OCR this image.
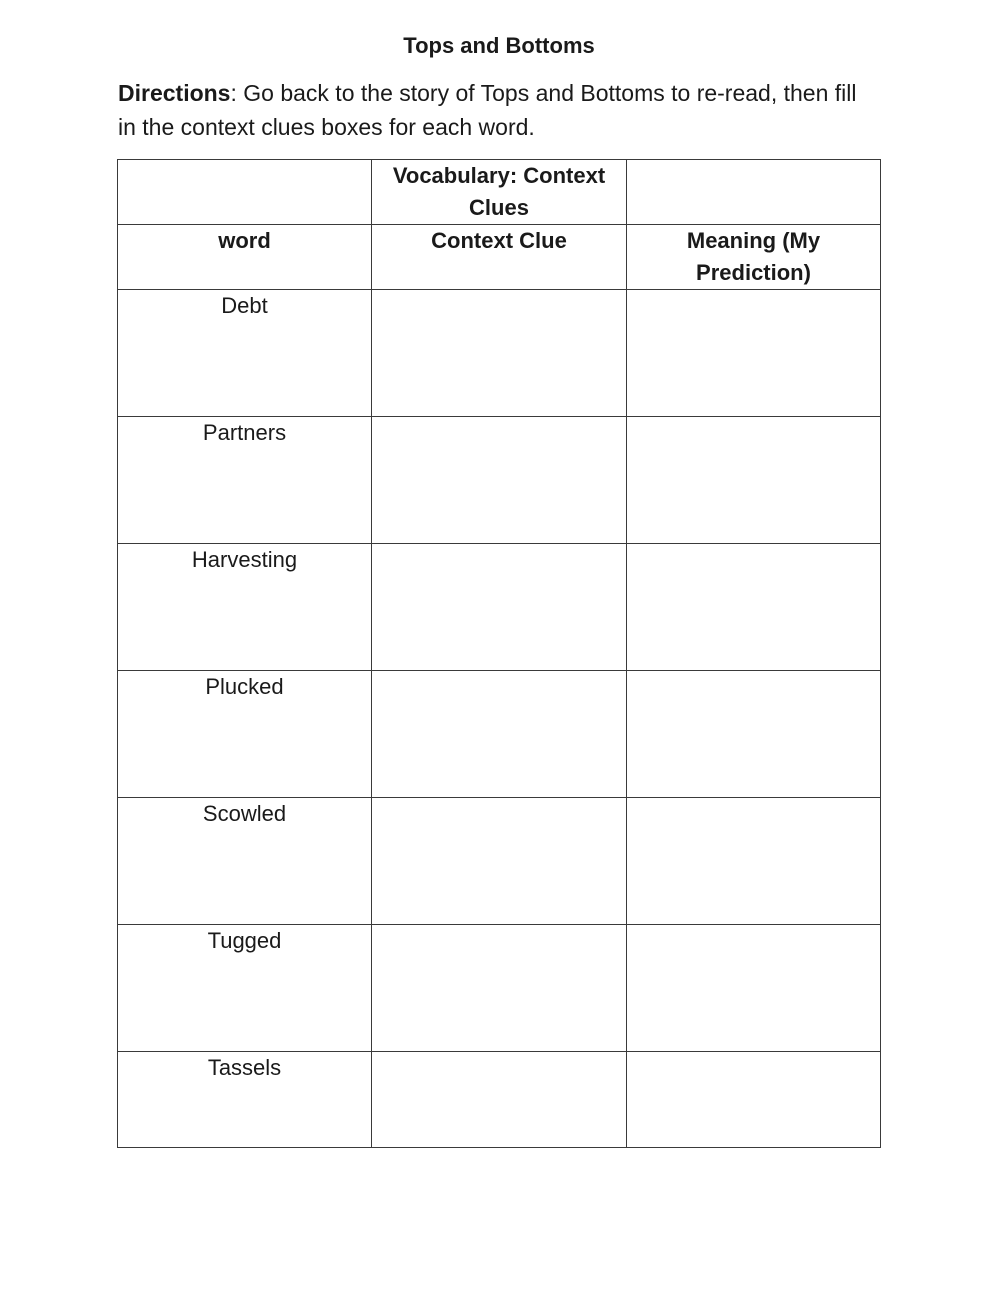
Tops and Bottoms
Directions: Go back to the story of Tops and Bottoms to re-read, then fill in the context clues boxes for each word.
	Vocabulary: Context Clues	
word	Context Clue	Meaning (My Prediction)
Debt		
Partners		
Harvesting		
Plucked		
Scowled		
Tugged		
Tassels		
